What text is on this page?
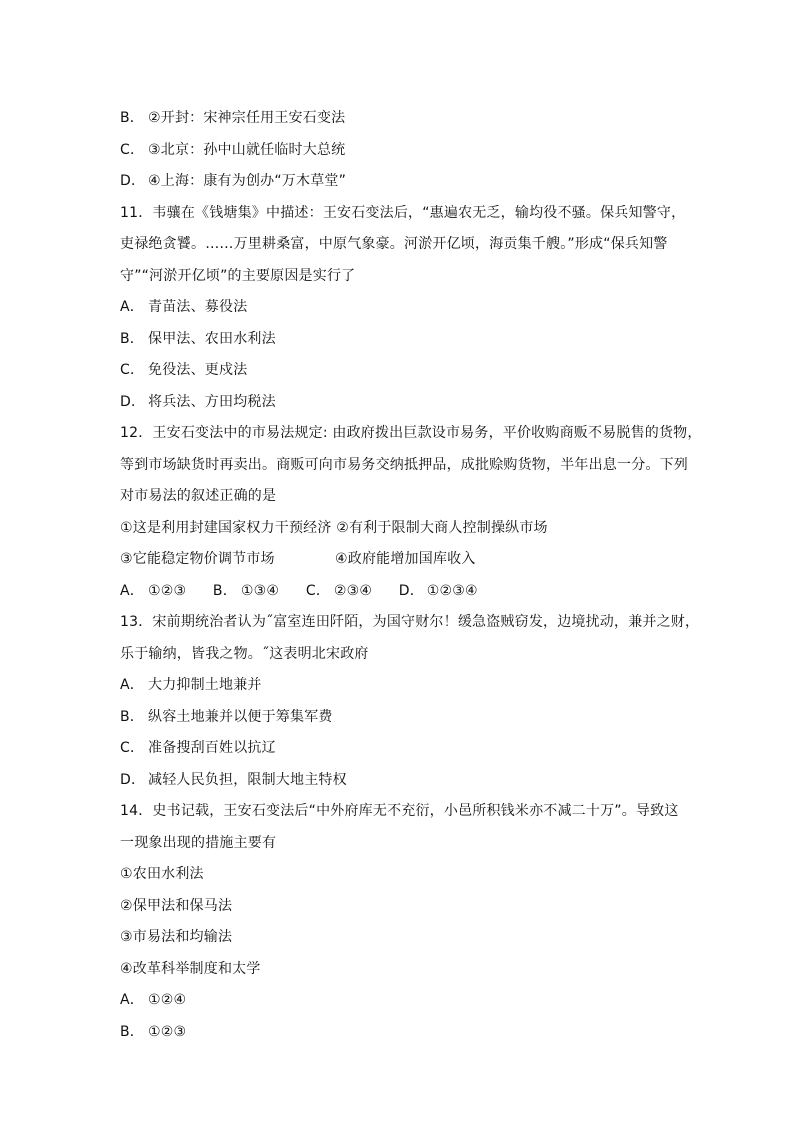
B． ②开封：宋神宗任用王安石变法
C． ③北京：孙中山就任临时大总统
D． ④上海：康有为创办“万木草堂”
11．韦骧在《钱塘集》中描述：王安石变法后，“惠遍农无乏，输均役不骚。保兵知警守，
吏禄绝贪饕。……万里耕桑富，中原气象豪。河淤开亿顷，海贡集千艘。”形成“保兵知警
守”“河淤开亿顷”的主要原因是实行了
A． 青苗法、募役法
B． 保甲法、农田水利法
C． 免役法、更戍法
D． 将兵法、方田均税法
12．王安石变法中的市易法规定: 由政府拨出巨款设市易务，平价收购商贩不易脱售的货物，
等到市场缺货时再卖出。商贩可向市易务交纳抵押品，成批赊购货物，半年出息一分。下列
对市易法的叙述正确的是
①这是利用封建国家权力干预经济 ②有利于限制大商人控制操纵市场
③它能稳定物价调节市场	④政府能增加国库收入
A． ①②③ B． ①③④ C． ②③④ D． ①②③④
13．宋前期统治者认为˝富室连田阡陌，为国守财尔！缓急盗贼窃发，边境扰动，兼并之财，
乐于输纳，皆我之物。˝这表明北宋政府
A． 大力抑制土地兼并
B． 纵容土地兼并以便于筹集军费
C． 准备搜刮百姓以抗辽
D． 减轻人民负担，限制大地主特权
14．史书记载，王安石变法后“中外府库无不充衍，小邑所积钱米亦不减二十万”。导致这
一现象出现的措施主要有
①农田水利法
②保甲法和保马法
③市易法和均输法
④改革科举制度和太学
A． ①②④
B． ①②③
